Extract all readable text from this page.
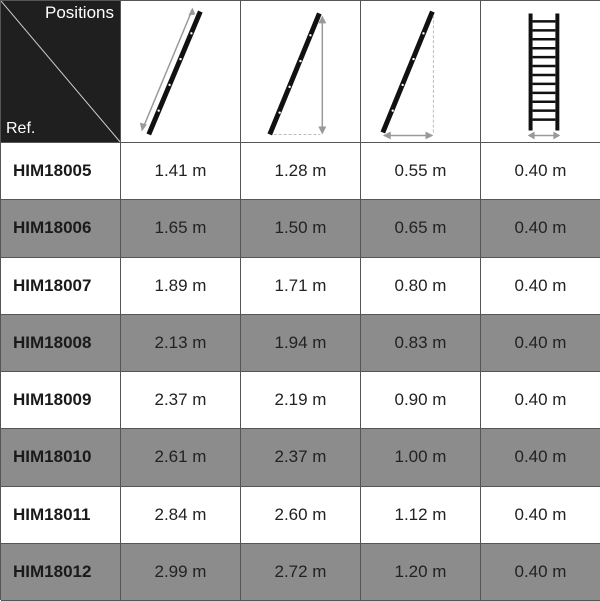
Positions
Ref.
HIM18005	1.41 m	1.28 m	0.55 m	0.40 m
HIM18006	1.65 m	1.50 m	0.65 m	0.40 m
HIM18007	1.89 m	1.71 m	0.80 m	0.40 m
HIM18008	2.13 m	1.94 m	0.83 m	0.40 m
HIM18009	2.37 m	2.19 m	0.90 m	0.40 m
HIM18010	2.61 m	2.37 m	1.00 m	0.40 m
HIM18011	2.84 m	2.60 m	1.12 m	0.40 m
HIM18012	2.99 m	2.72 m	1.20 m	0.40 m
